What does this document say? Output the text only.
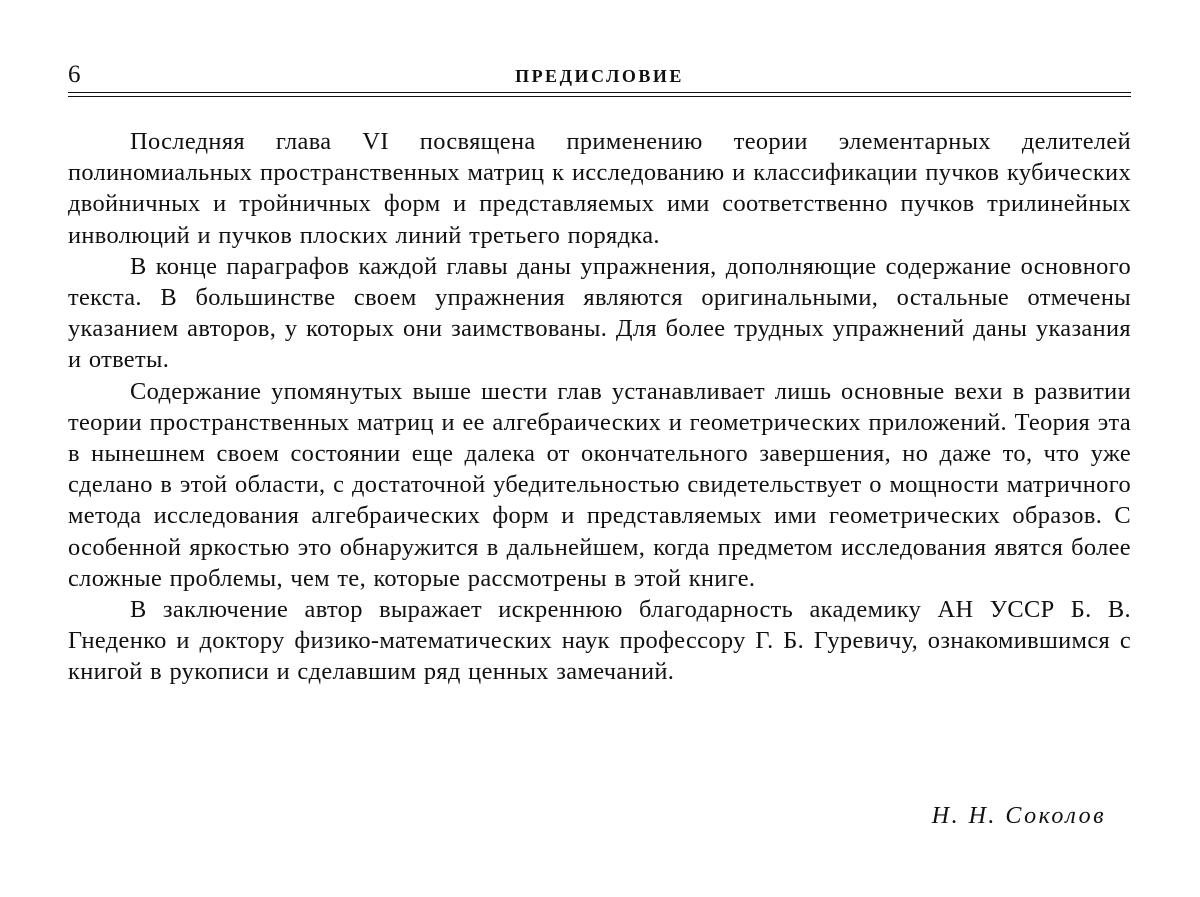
6	ПРЕДИСЛОВИЕ

Последняя глава VI посвящена применению теории элементарных делителей полиномиальных пространственных матриц к исследованию и классификации пучков кубических двойничных и тройничных форм и представляемых ими соответственно пучков трилинейных инволюций и пучков плоских линий третьего порядка.

В конце параграфов каждой главы даны упражнения, дополняющие содержание основного текста. В большинстве своем упражнения являются оригинальными, остальные отмечены указанием авторов, у которых они заимствованы. Для более трудных упражнений даны указания и ответы.

Содержание упомянутых выше шести глав устанавливает лишь основные вехи в развитии теории пространственных матриц и ее алгебраических и геометрических приложений. Теория эта в нынешнем своем состоянии еще далека от окончательного завершения, но даже то, что уже сделано в этой области, с достаточной убедительностью свидетельствует о мощности матричного метода исследования алгебраических форм и представляемых ими геометрических образов. С особенной яркостью это обнаружится в дальнейшем, когда предметом исследования явятся более сложные проблемы, чем те, которые рассмотрены в этой книге.

В заключение автор выражает искреннюю благодарность академику АН УССР Б. В. Гнеденко и доктору физико-математических наук профессору Г. Б. Гуревичу, ознакомившимся с книгой в рукописи и сделавшим ряд ценных замечаний.

Н. Н. Соколов
